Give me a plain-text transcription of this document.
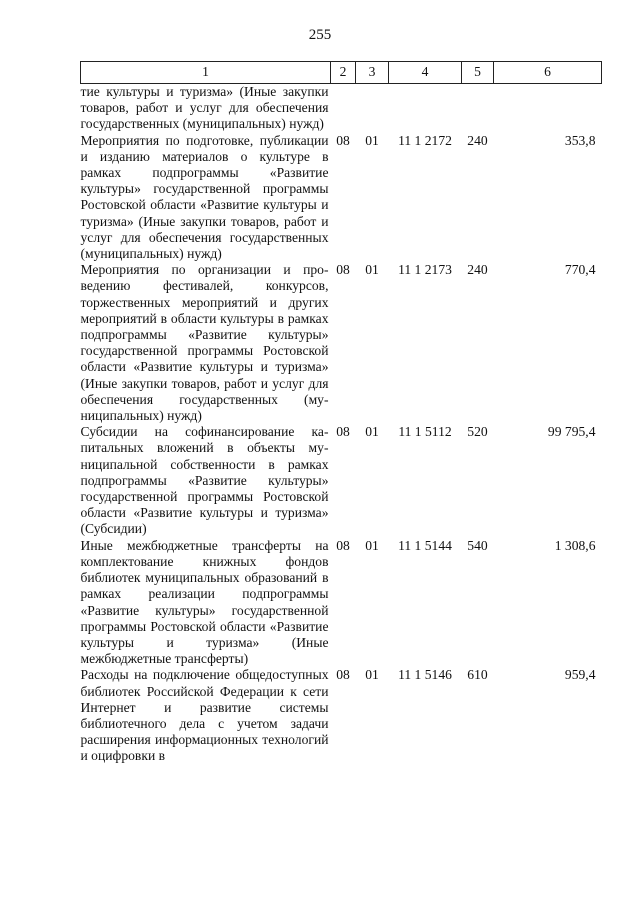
255
1	2	3	4	5	6
тие культуры и туризма» (Иные закупки товаров, работ и услуг для обеспечения государственных (муниципальных) нужд)					
Мероприятия по подготовке, публикации и изданию материалов о культуре в рамках подпрограммы «Развитие культуры» государственной программы Ростовской области «Развитие культуры и туризма» (Иные закупки товаров, работ и услуг для обеспечения государственных (муниципальных) нужд)	08	01	11 1 2172	240	353,8
Мероприятия по организации и проведению фестивалей, конкурсов, торжественных мероприятий и других мероприятий в области культуры в рамках подпрограммы «Развитие культуры» государственной программы Ростовской области «Развитие культуры и туризма» (Иные закупки товаров, работ и услуг для обеспечения государственных (муниципальных) нужд)	08	01	11 1 2173	240	770,4
Субсидии на софинансирование капитальных вложений в объекты муниципальной собственности в рамках подпрограммы «Развитие культуры» государственной программы Ростовской области «Развитие культуры и туризма» (Субсидии)	08	01	11 1 5112	520	99 795,4
Иные межбюджетные трансферты на комплектование книжных фондов библиотек муниципальных образований в рамках реализации подпрограммы «Развитие культуры» государственной программы Ростовской области «Развитие культуры и туризма» (Иные межбюджетные трансферты)	08	01	11 1 5144	540	1 308,6
Расходы на подключение общедоступных библиотек Российской Федерации к сети Интернет и развитие системы библиотечного дела с учетом задачи расширения информационных технологий и оцифровки в	08	01	11 1 5146	610	959,4
